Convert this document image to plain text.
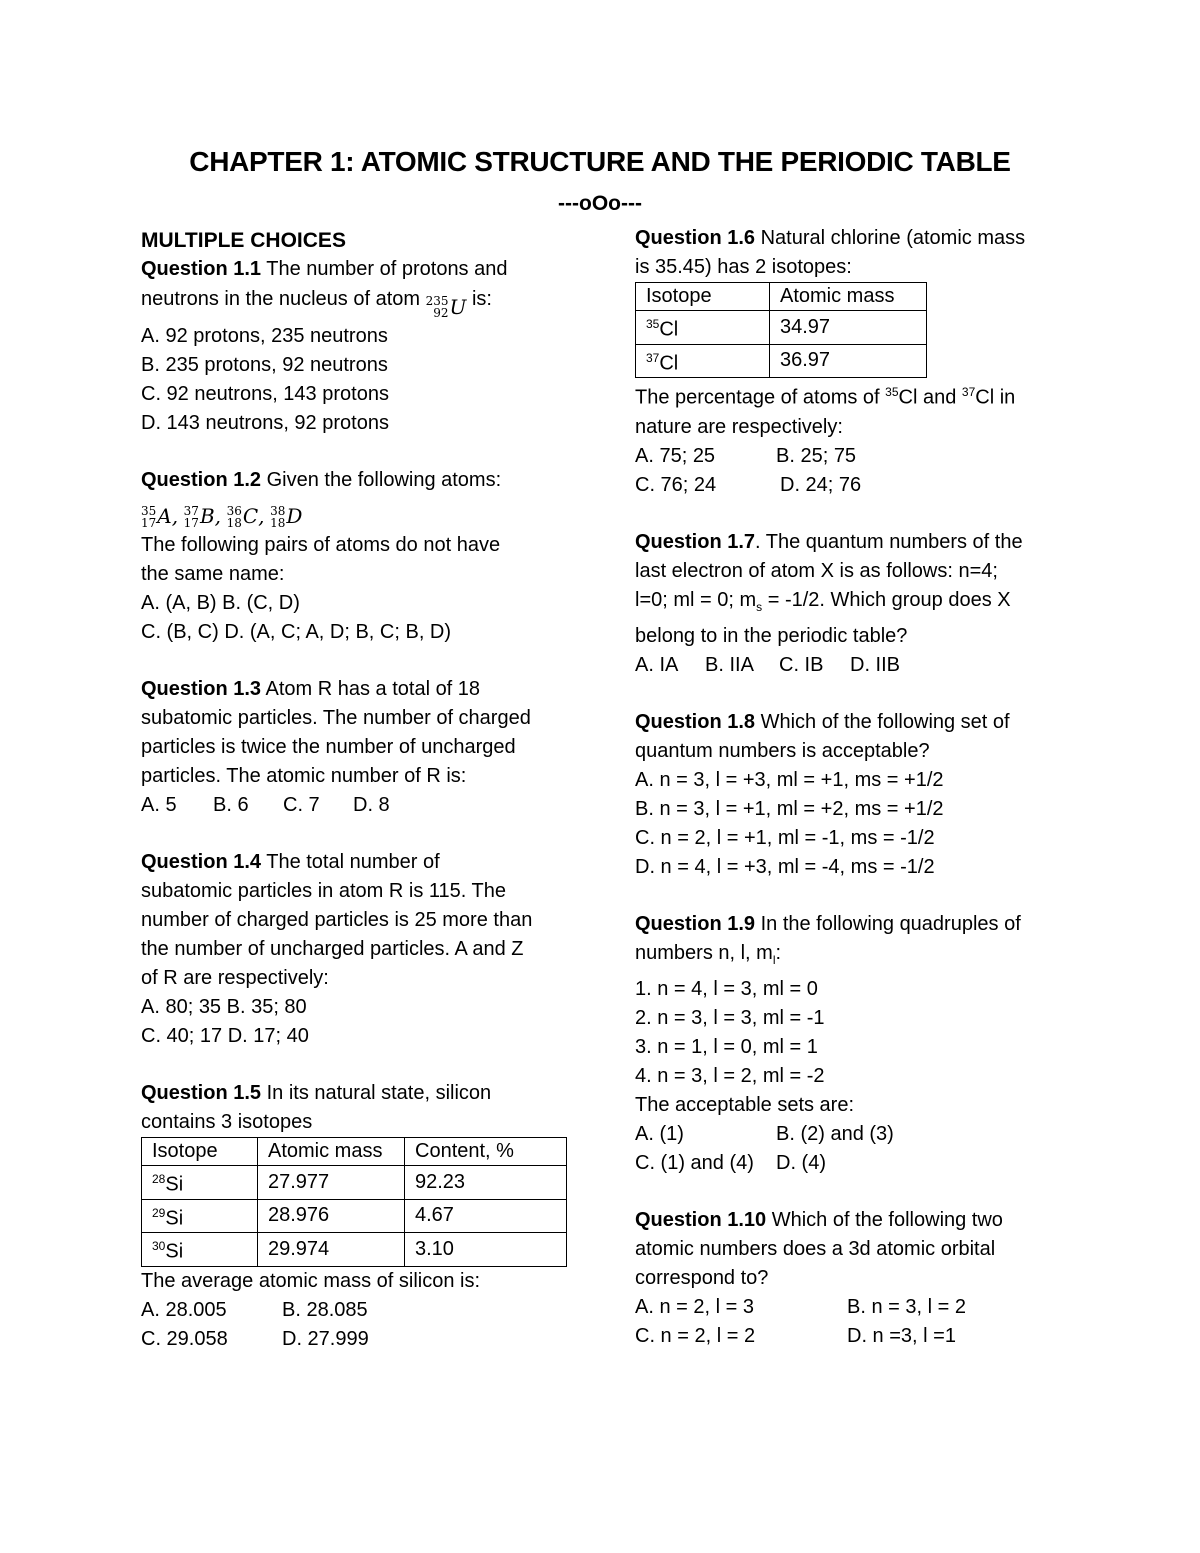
CHAPTER 1: ATOMIC STRUCTURE AND THE PERIODIC TABLE
---oOo---
MULTIPLE CHOICES
Question 1.1 The number of protons and
neutrons in the nucleus of atom 235
92 U is:
A. 92 protons, 235 neutrons
B. 235 protons, 92 neutrons
C. 92 neutrons, 143 protons
D. 143 neutrons, 92 protons
Question 1.2 Given the following atoms:
35
17 A ,
37
17 B ,
36
18 C ,
38
18 D
The following pairs of atoms do not have
the same name:
A. (A, B) B. (C, D)
C. (B, C) D. (A, C; A, D; B, C; B, D)
Question 1.3 Atom R has a total of 18
subatomic particles. The number of charged
particles is twice the number of uncharged
particles. The atomic number of R is:
A. 5	B. 6	C. 7	D. 8
Question 1.4 The total number of
subatomic particles in atom R is 115. The
number of charged particles is 25 more than
the number of uncharged particles. A and Z
of R are respectively:
A. 80; 35 B. 35; 80
C. 40; 17 D. 17; 40
Question 1.5 In its natural state, silicon
contains 3 isotopes
Isotope	Atomic mass	Content, %
$^{28}$Si	27.977	92.23
$^{29}$Si	28.976	4.67
$^{30}$Si	29.974	3.10
The average atomic mass of silicon is:
A. 28.005	B. 28.085
C. 29.058	D. 27.999
Question 1.6 Natural chlorine (atomic mass
is 35.45) has 2 isotopes:
Isotope	Atomic mass
$^{35}$Cl	34.97
$^{37}$Cl	36.97
The percentage of atoms of $^{35}$Cl and $^{37}$Cl in
nature are respectively:
A. 75; 25	B. 25; 75
C. 76; 24	D. 24; 76
Question 1.7. The quantum numbers of the
last electron of atom X is as follows: n=4;
l=0; ml = 0; $m_s = -1/2$. Which group does X
belong to in the periodic table?
A. IA	B. IIA	C. IB	D. IIB
Question 1.8 Which of the following set of
quantum numbers is acceptable?
A. n = 3, l = +3, ml = +1, ms = +1/2
B. n = 3, l = +1, ml = +2, ms = +1/2
C. n = 2, l = +1, ml = -1, ms = -1/2
D. n = 4, l = +3, ml = -4, ms = -1/2
Question 1.9 In the following quadruples of
numbers n, l, $m_l$:
1. n = 4, l = 3, ml = 0
2. n = 3, l = 3, ml = -1
3. n = 1, l = 0, ml = 1
4. n = 3, l = 2, ml = -2
The acceptable sets are:
A. (1)	B. (2) and (3)
C. (1) and (4)	D. (4)
Question 1.10 Which of the following two
atomic numbers does a 3d atomic orbital
correspond to?
A. n = 2, l = 3	B. n = 3, l = 2
C. n = 2, l = 2	D. n =3, l =1
